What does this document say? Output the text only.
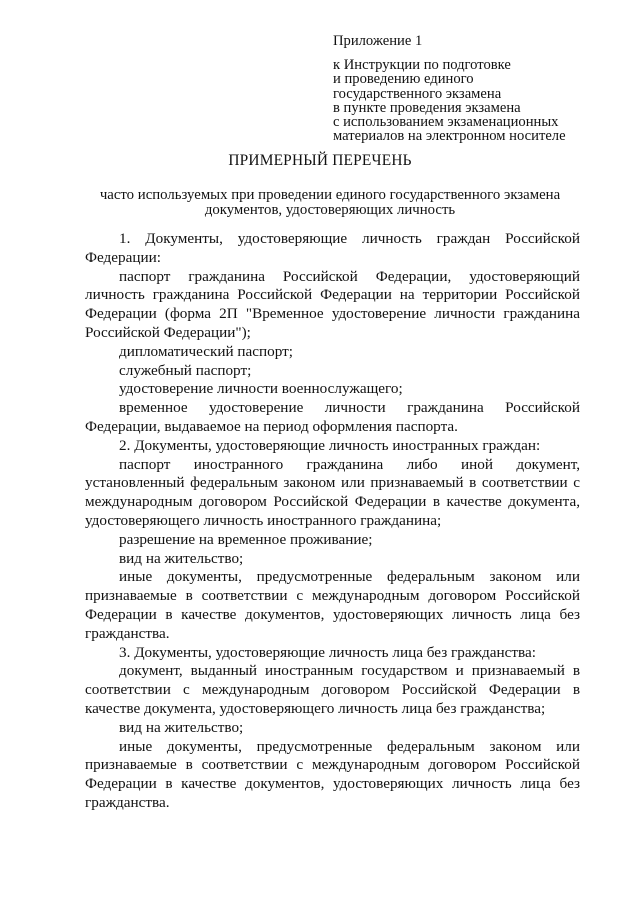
Приложение 1
к Инструкции по подготовке
и проведению единого
государственного экзамена
в пункте проведения экзамена
с использованием экзаменационных
материалов на электронном носителе
ПРИМЕРНЫЙ ПЕРЕЧЕНЬ
часто используемых при проведении единого государственного экзамена
документов, удостоверяющих личность

1. Документы, удостоверяющие личность граждан Российской Федерации:

паспорт гражданина Российской Федерации, удостоверяющий личность гражданина Российской Федерации на территории Российской Федерации (форма 2П "Временное удостоверение личности гражданина Российской Федерации");

дипломатический паспорт;

служебный паспорт;

удостоверение личности военнослужащего;

временное удостоверение личности гражданина Российской Федерации, выдаваемое на период оформления паспорта.

2. Документы, удостоверяющие личность иностранных граждан:

паспорт иностранного гражданина либо иной документ, установленный федеральным законом или признаваемый в соответствии с международным договором Российской Федерации в качестве документа, удостоверяющего личность иностранного гражданина;

разрешение на временное проживание;

вид на жительство;

иные документы, предусмотренные федеральным законом или признаваемые в соответствии с международным договором Российской Федерации в качестве документов, удостоверяющих личность лица без гражданства.

3. Документы, удостоверяющие личность лица без гражданства:

документ, выданный иностранным государством и признаваемый в соответствии с международным договором Российской Федерации в качестве документа, удостоверяющего личность лица без гражданства;

вид на жительство;

иные документы, предусмотренные федеральным законом или признаваемые в соответствии с международным договором Российской Федерации в качестве документов, удостоверяющих личность лица без гражданства.
